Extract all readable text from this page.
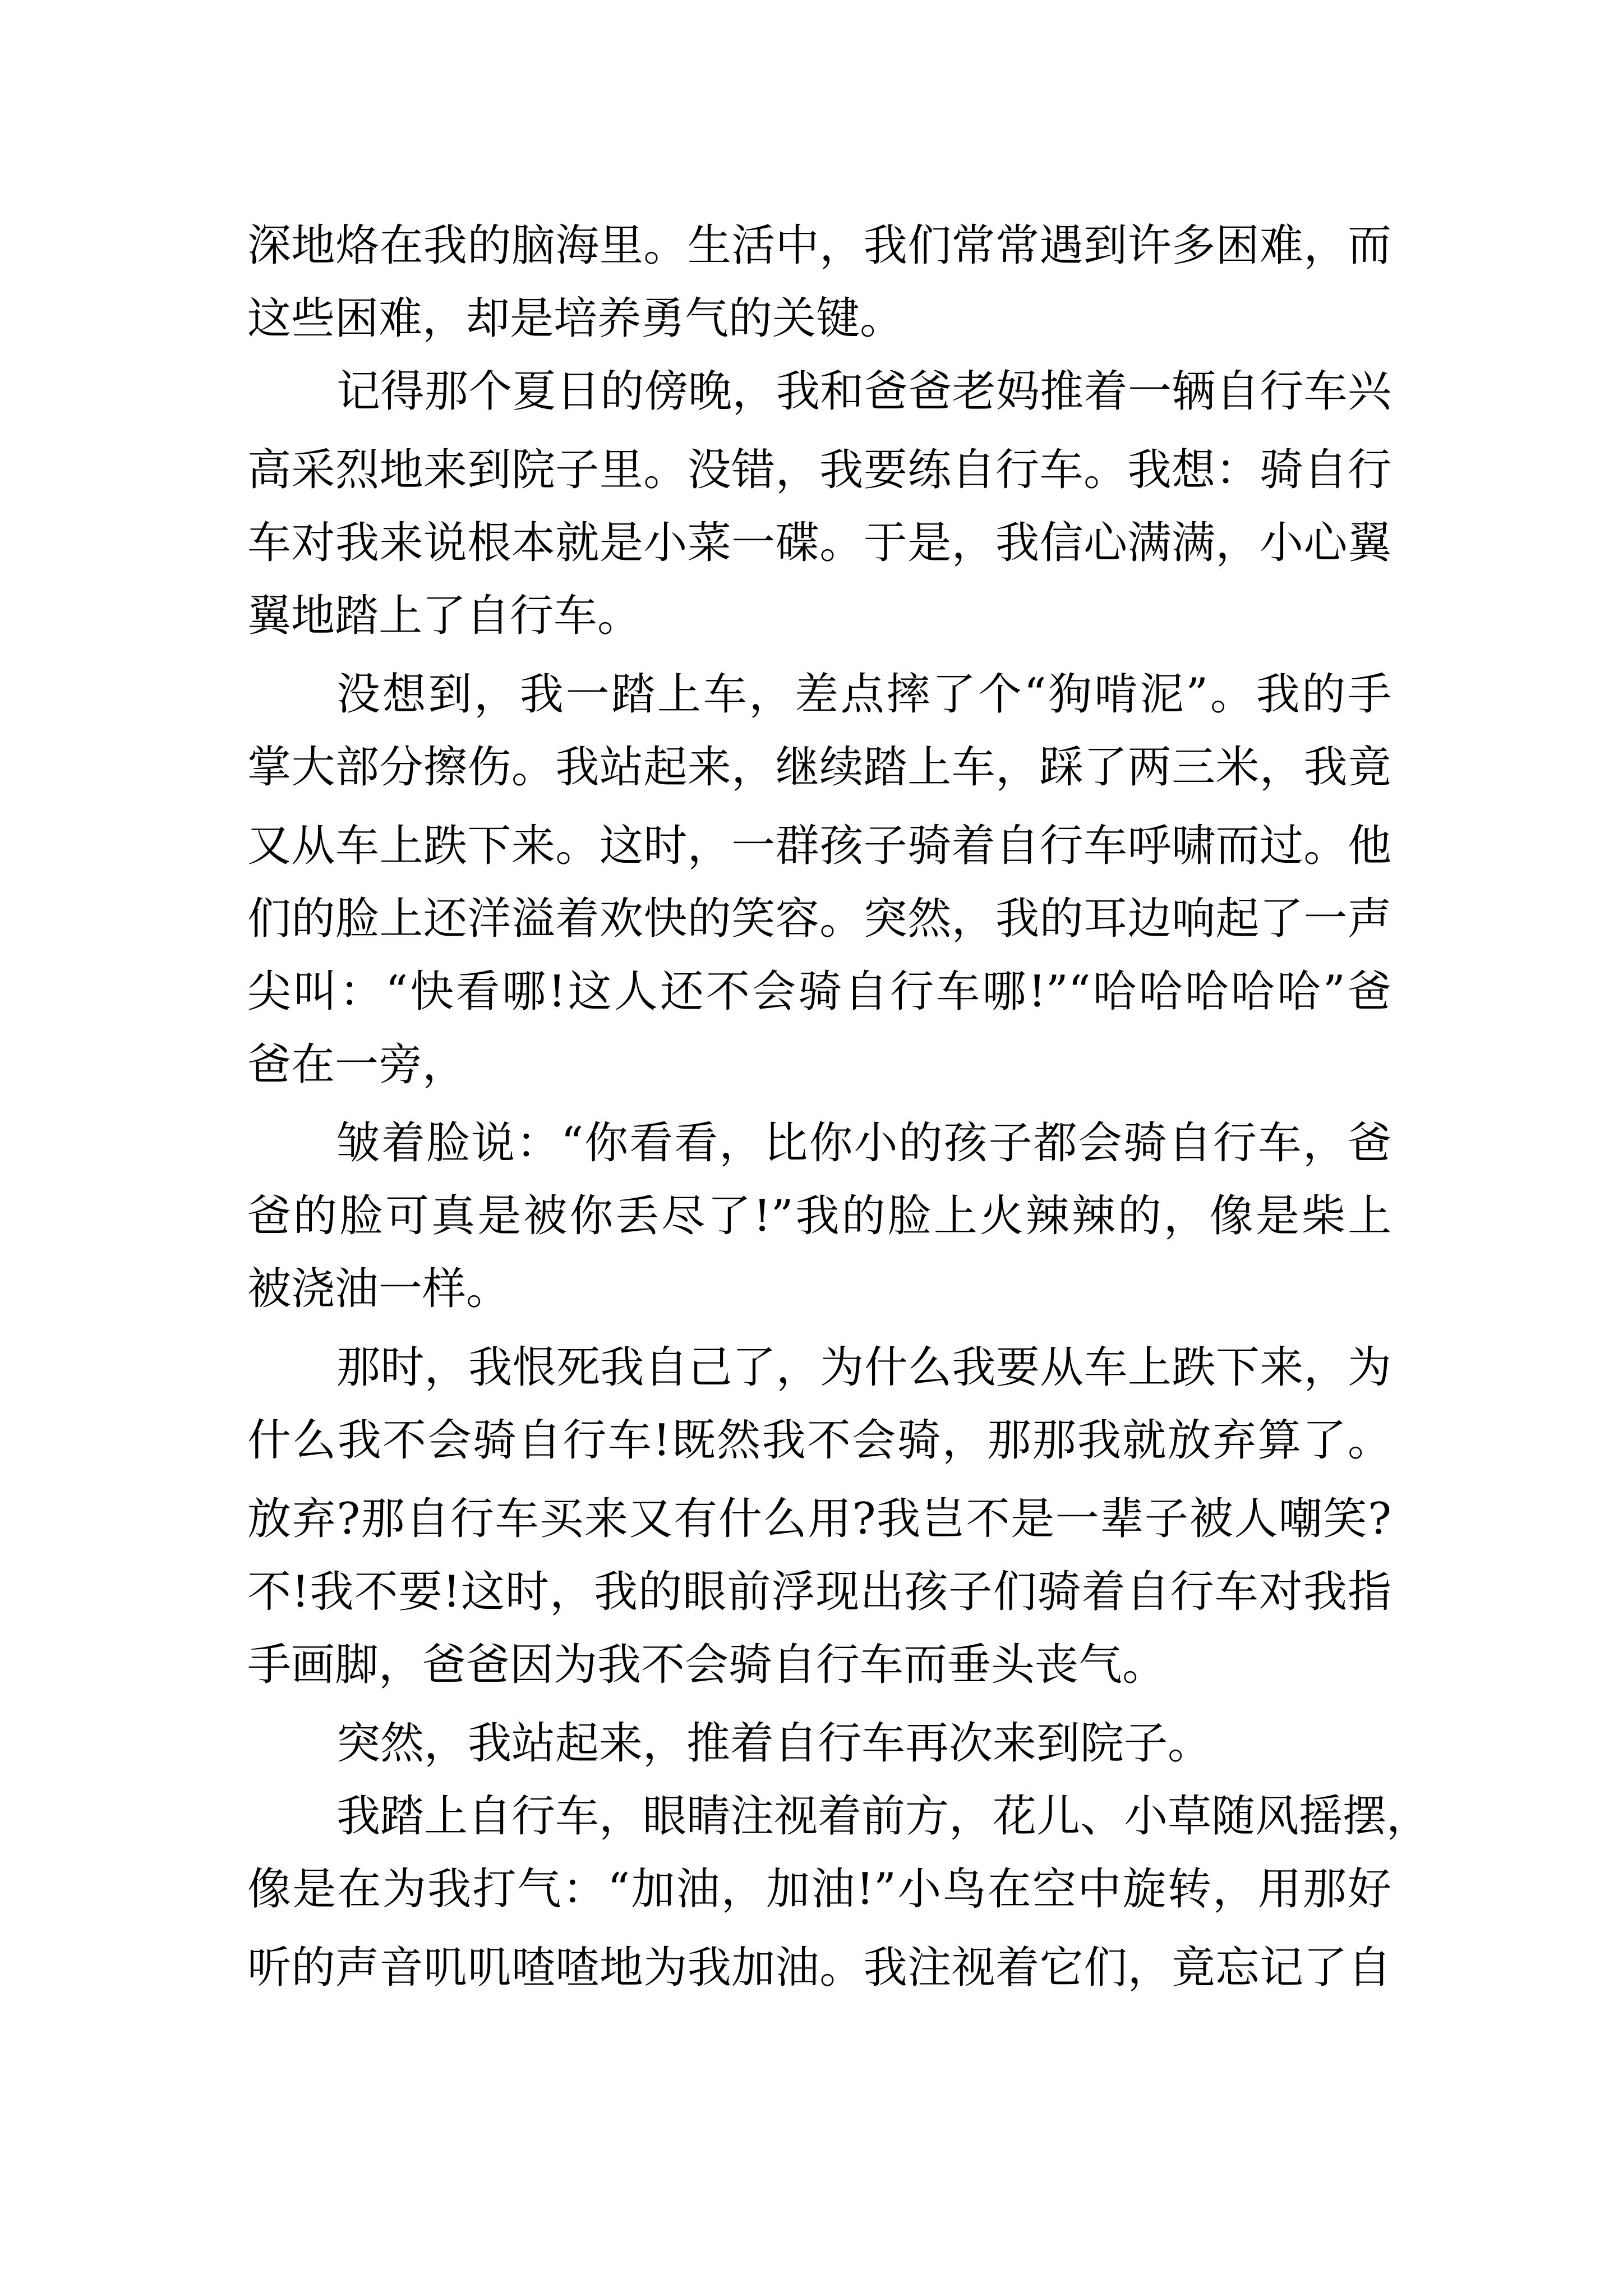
深地烙在我的脑海里。生活中，我们常常遇到许多困难，而
这些困难，却是培养勇气的关键。
记得那个夏日的傍晚，我和爸爸老妈推着一辆自行车兴
高采烈地来到院子里。没错，我要练自行车。我想：骑自行
车对我来说根本就是小菜一碟。于是，我信心满满，小心翼
翼地踏上了自行车。
没想到，我一踏上车，差点摔了个“狗啃泥”。我的手
掌大部分擦伤。我站起来，继续踏上车，踩了两三米，我竟
又从车上跌下来。这时，一群孩子骑着自行车呼啸而过。他
们的脸上还洋溢着欢快的笑容。突然，我的耳边响起了一声
尖叫：“快看哪!这人还不会骑自行车哪!”“哈哈哈哈哈”爸
爸在一旁，
皱着脸说：“你看看，比你小的孩子都会骑自行车，爸
爸的脸可真是被你丢尽了!”我的脸上火辣辣的，像是柴上
被浇油一样。
那时，我恨死我自己了，为什么我要从车上跌下来，为
什么我不会骑自行车!既然我不会骑，那那我就放弃算了。
放弃?那自行车买来又有什么用?我岂不是一辈子被人嘲笑?
不!我不要!这时，我的眼前浮现出孩子们骑着自行车对我指
手画脚，爸爸因为我不会骑自行车而垂头丧气。
突然，我站起来，推着自行车再次来到院子。
我踏上自行车，眼睛注视着前方，花儿、小草随风摇摆，
像是在为我打气：“加油，加油!”小鸟在空中旋转，用那好
听的声音叽叽喳喳地为我加油。我注视着它们，竟忘记了自
